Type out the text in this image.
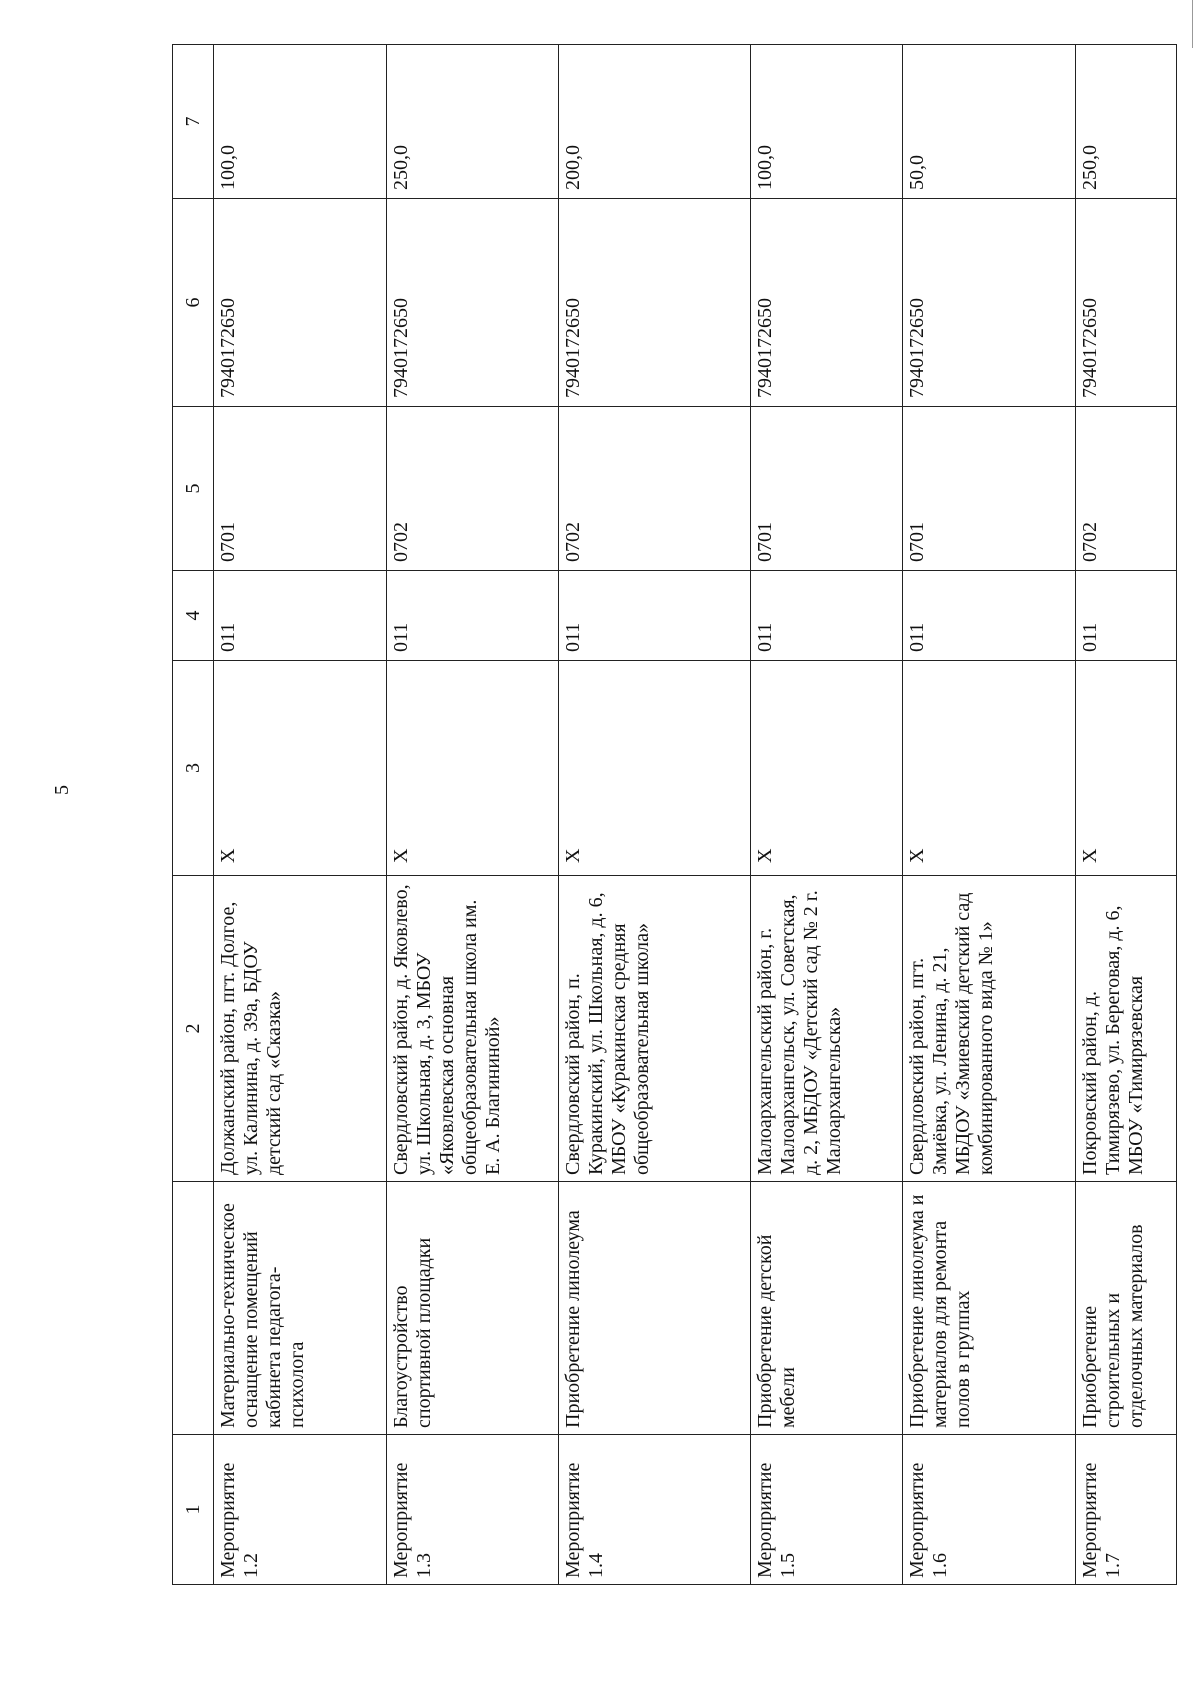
5
1		2	3	4	5	6	7
Мероприятие 1.2	Материально-техническое оснащение помещений кабинета педагога-психолога	Должанский район, пгт. Долгое, ул. Калинина, д. 39а, БДОУ детский сад «Сказка»	X	011	0701	7940172650	100,0
Мероприятие 1.3	Благоустройство спортивной площадки	Свердловский район, д. Яковлево, ул. Школьная, д. 3, МБОУ «Яковлевская основная общеобразовательная школа им. Е. А. Благининой»	X	011	0702	7940172650	250,0
Мероприятие 1.4	Приобретение линолеума	Свердловский район, п. Куракинский, ул. Школьная, д. 6, МБОУ «Куракинская средняя общеобразовательная школа»	X	011	0702	7940172650	200,0
Мероприятие 1.5	Приобретение детской мебели	Малоархангельский район, г. Малоархангельск, ул. Советская, д. 2, МБДОУ «Детский сад № 2 г. Малоархангельска»	X	011	0701	7940172650	100,0
Мероприятие 1.6	Приобретение линолеума и материалов для ремонта полов в группах	Свердловский район, пгт. Змиёвка, ул. Ленина, д. 21, МБДОУ «Змиевский детский сад комбинированного вида № 1»	X	011	0701	7940172650	50,0
Мероприятие 1.7	Приобретение строительных и отделочных материалов	Покровский район, д. Тимирязево, ул. Береговая, д. 6, МБОУ «Тимирязевская	X	011	0702	7940172650	250,0
